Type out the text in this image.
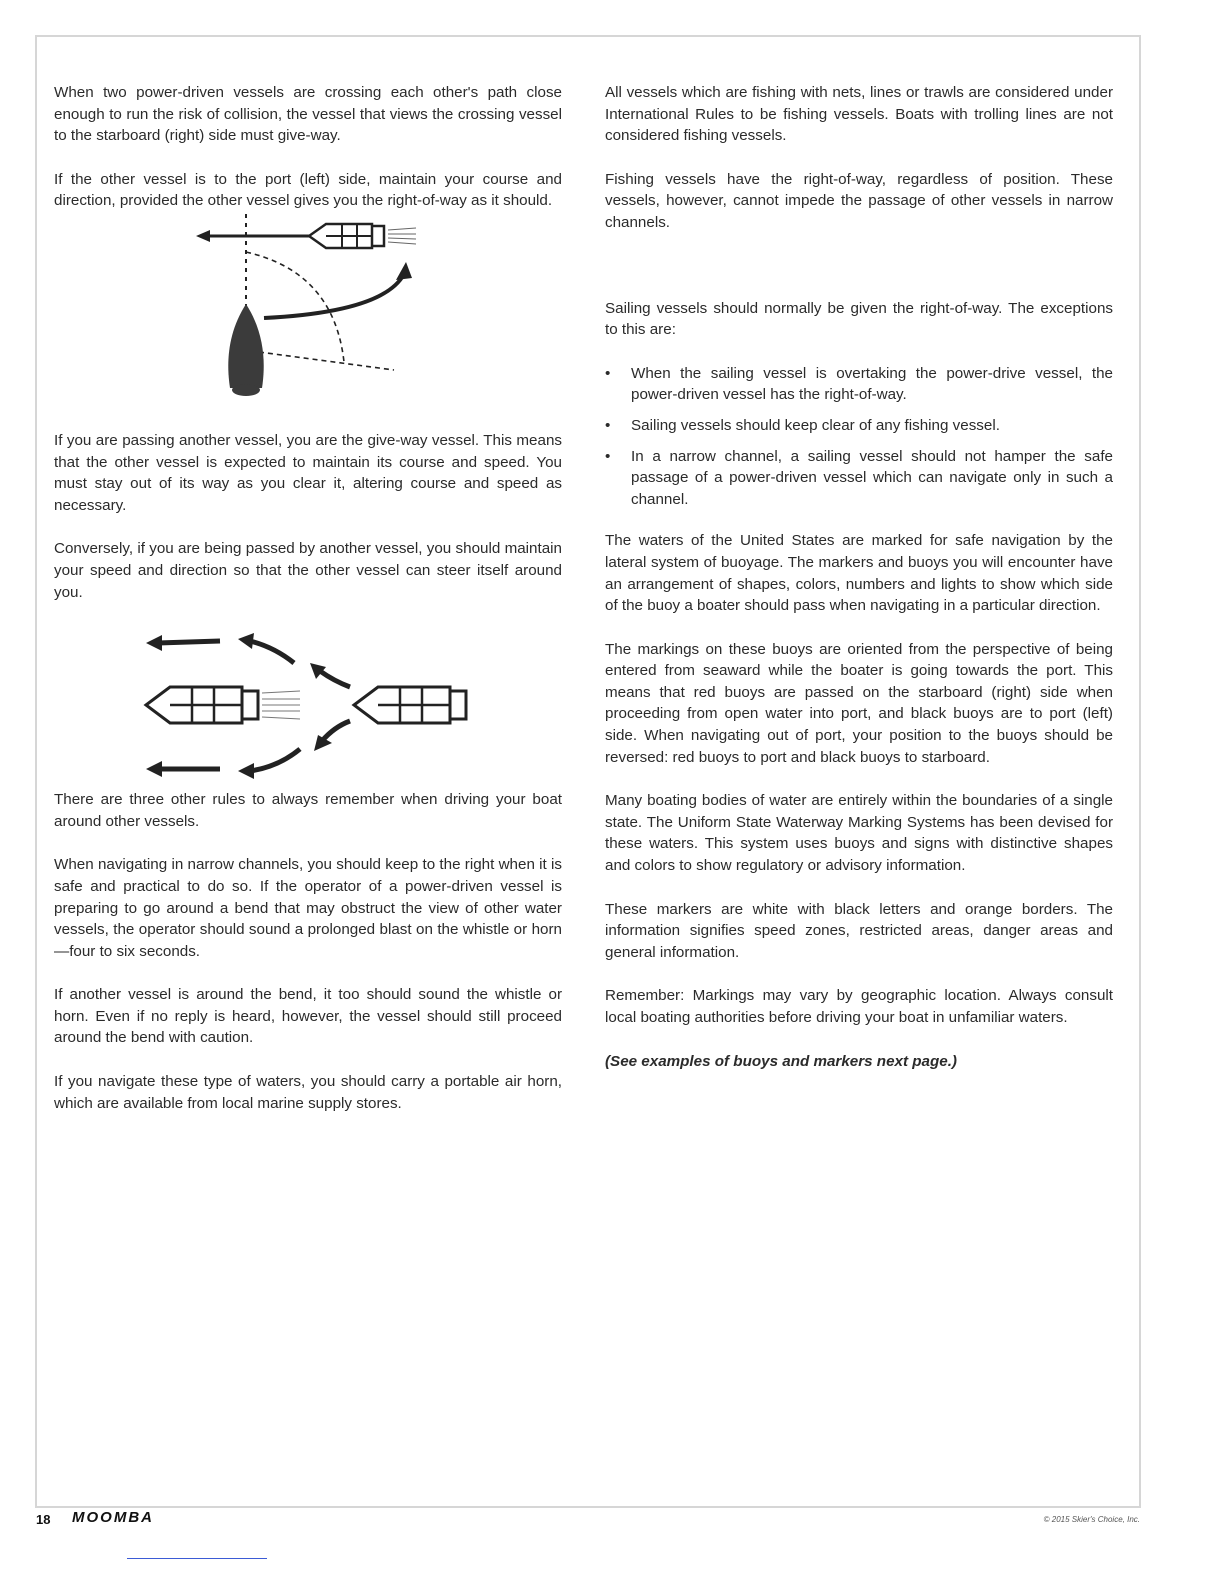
When two power-driven vessels are crossing each other's path close enough to run the risk of collision, the vessel that views the crossing vessel to the starboard (right) side must give-way.

If the other vessel is to the port (left) side, maintain your course and direction, provided the other vessel gives you the right-of-way as it should.

If you are passing another vessel, you are the give-way vessel. This means that the other vessel is expected to maintain its course and speed. You must stay out of its way as you clear it, altering course and speed as necessary.

Conversely, if you are being passed by another vessel, you should maintain your speed and direction so that the other vessel can steer itself around you.

There are three other rules to always remember when driving your boat around other vessels.

When navigating in narrow channels, you should keep to the right when it is safe and practical to do so. If the operator of a power-driven vessel is preparing to go around a bend that may obstruct the view of other water vessels, the operator should sound a prolonged blast on the whistle or horn—four to six seconds.

If another vessel is around the bend, it too should sound the whistle or horn. Even if no reply is heard, however, the vessel should still proceed around the bend with caution.

If you navigate these type of waters, you should carry a portable air horn, which are available from local marine supply stores.

All vessels which are fishing with nets, lines or trawls are considered under International Rules to be fishing vessels. Boats with trolling lines are not considered fishing vessels.

Fishing vessels have the right-of-way, regardless of position. These vessels, however, cannot impede the passage of other vessels in narrow channels.

Sailing vessels should normally be given the right-of-way. The exceptions to this are:

• When the sailing vessel is overtaking the power-drive vessel, the power-driven vessel has the right-of-way.
• Sailing vessels should keep clear of any fishing vessel.
• In a narrow channel, a sailing vessel should not hamper the safe passage of a power-driven vessel which can navigate only in such a channel.

The waters of the United States are marked for safe navigation by the lateral system of buoyage. The markers and buoys you will encounter have an arrangement of shapes, colors, numbers and lights to show which side of the buoy a boater should pass when navigating in a particular direction.

The markings on these buoys are oriented from the perspective of being entered from seaward while the boater is going towards the port. This means that red buoys are passed on the starboard (right) side when proceeding from open water into port, and black buoys are to port (left) side. When navigating out of port, your position to the buoys should be reversed: red buoys to port and black buoys to starboard.

Many boating bodies of water are entirely within the boundaries of a single state. The Uniform State Waterway Marking Systems has been devised for these waters. This system uses buoys and signs with distinctive shapes and colors to show regulatory or advisory information.

These markers are white with black letters and orange borders. The information signifies speed zones, restricted areas, danger areas and general information.

Remember: Markings may vary by geographic location. Always consult local boating authorities before driving your boat in unfamiliar waters.

(See examples of buoys and markers next page.)

18 MOOMBA	© 2015 Skier's Choice, Inc.
